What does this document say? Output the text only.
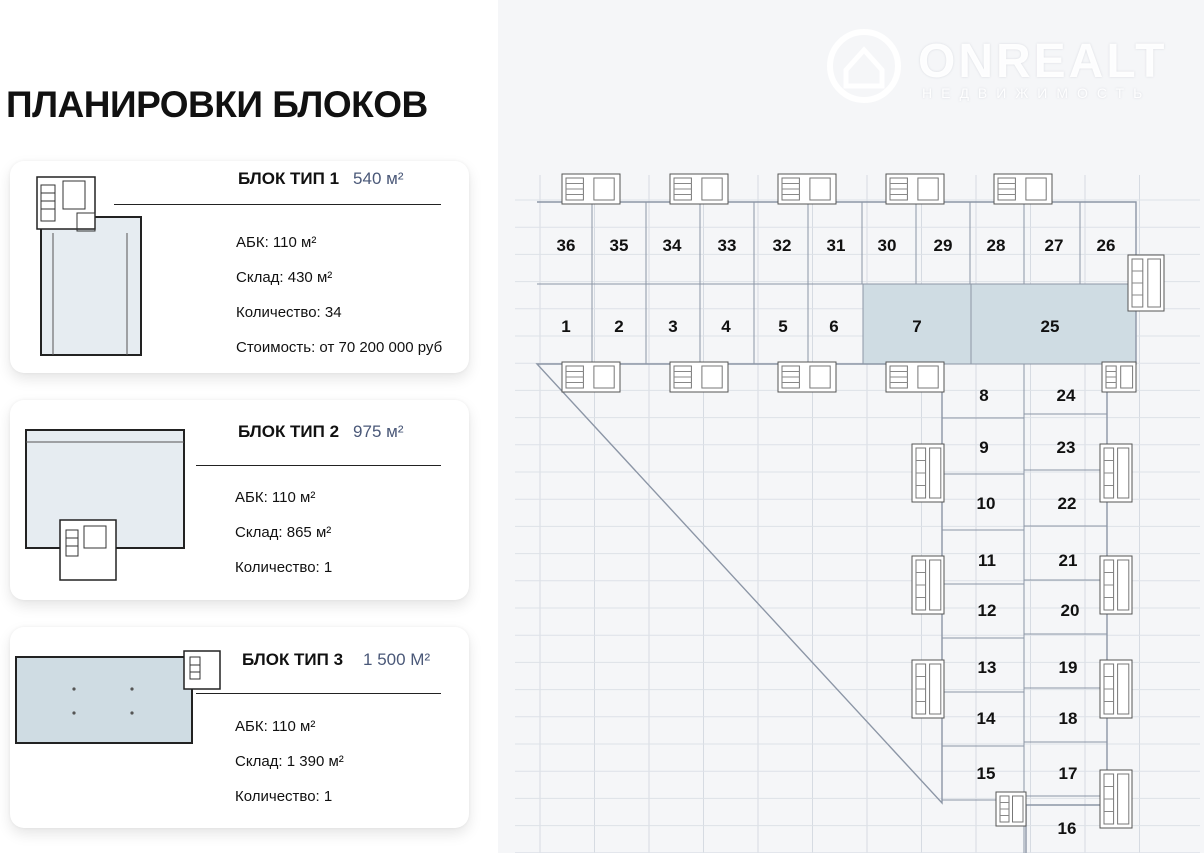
ПЛАНИРОВКИ БЛОКОВ
БЛОК ТИП 1 540 м²
АБК: 110 м²
Склад: 430 м²
Количество: 34
Стоимость: от 70 200 000 руб
БЛОК ТИП 2 975 м²
АБК: 110 м²
Склад: 865 м²
Количество: 1
БЛОК ТИП 3 1 500 М²
АБК: 110 м²
Склад: 1 390 м²
Количество: 1
ONREALT
НЕДВИЖИМОСТЬ
36 35 34 33 32 31 30 29 28 27 26
1	2	3	4	5 6	7	25
8
9
10
11
12
13
14
15
24
23
22
21
20
19
18
17
16
